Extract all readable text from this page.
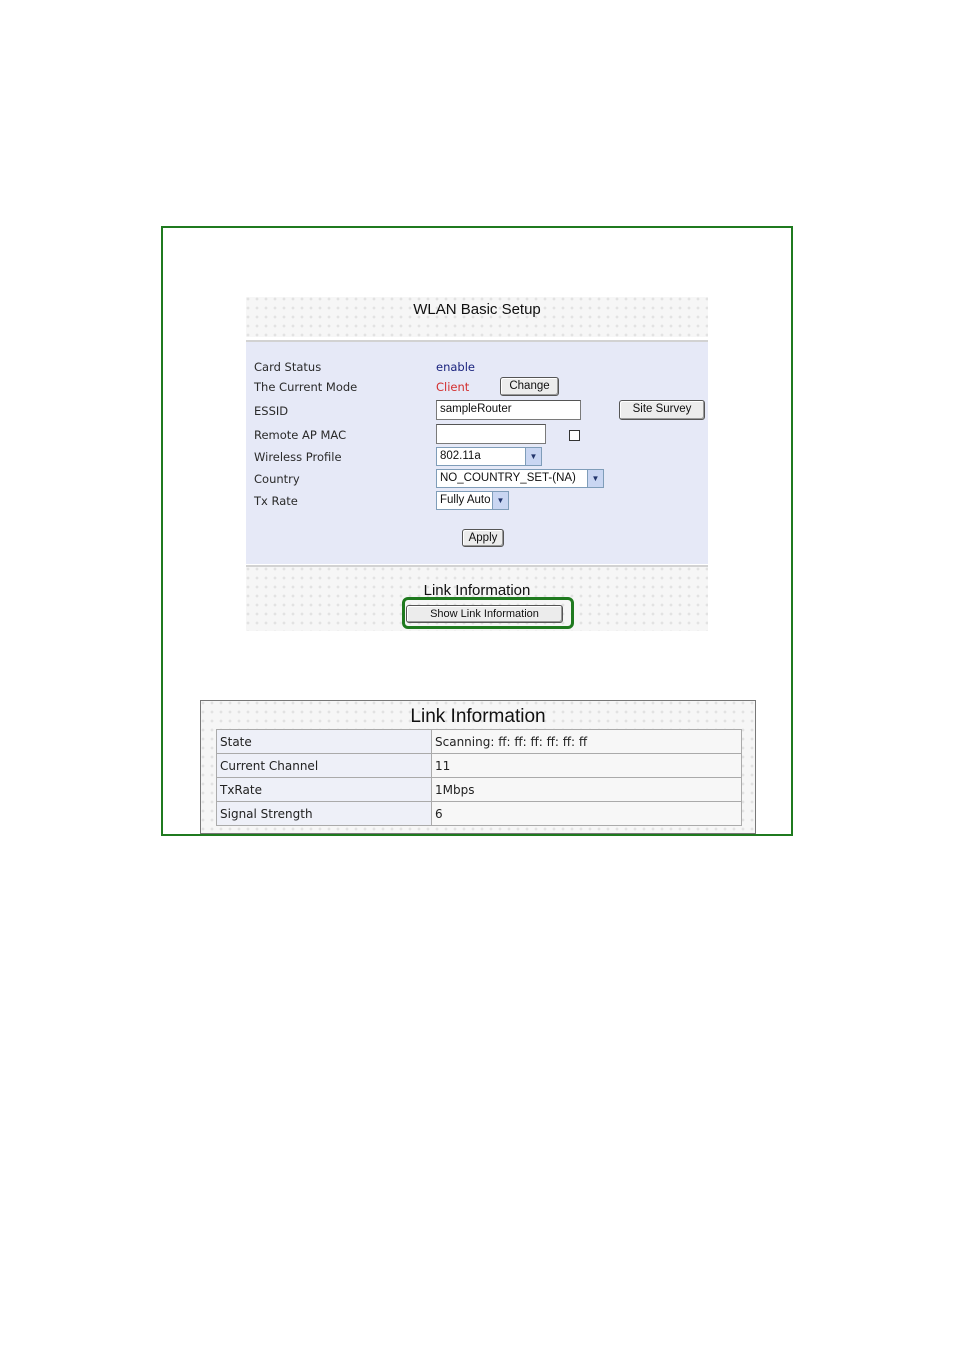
WLAN Basic Setup
Card Status	enable
The Current Mode	Client	Change
ESSID	sampleRouter	Site Survey
Remote AP MAC
Wireless Profile	802.11a	▼
Country	NO_COUNTRY_SET-(NA)	▼
Tx Rate	Fully Auto ▼
Apply
Link Information
Show Link Information
Link Information
State	Scanning: ff: ff: ff: ff: ff: ff
Current Channel	11
TxRate	1Mbps
Signal Strength	6
